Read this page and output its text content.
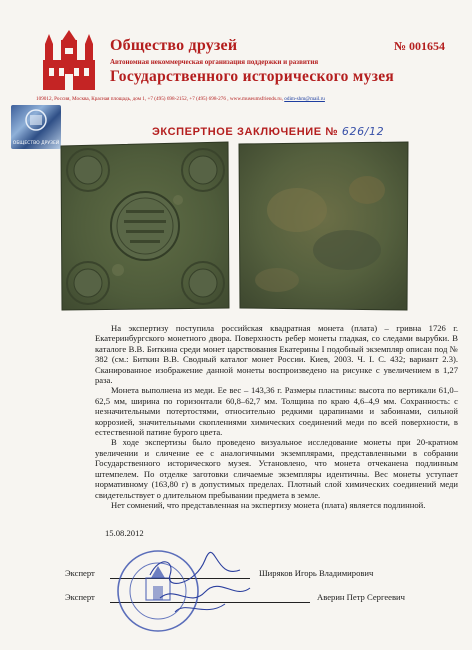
Общество друзей
Автономная некоммерческая организация поддержки и развития
Государственного исторического музея
№ 001654
109012, Россия, Москва, Красная площадь, дом 1, +7 (495) 698-2152, +7 (495) 698-276 , www.museumsfriends.ru, odim-shm@mail.ru
ОБЩЕСТВО ДРУЗЕЙ
ЭКСПЕРТНОЕ ЗАКЛЮЧЕНИЕ № 626/12

На экспертизу поступила российская квадратная монета (плата) – гривна 1726 г. Екатеринбургского монетного двора. Поверхность ребер монеты гладкая, со следами вырубки. В каталоге В.В. Биткина среди монет царствования Екатерины I подобный экземпляр описан под № 382 (см.: Биткин В.В. Сводный каталог монет России. Киев, 2003. Ч. I. С. 432; вариант 2.3). Сканированное изображение данной монеты воспроизведено на рисунке с увеличением в 1,27 раза.

Монета выполнена из меди. Ее вес – 143,36 г. Размеры пластины: высота по вертикали 61,0–62,5 мм, ширина по горизонтали 60,8–62,7 мм. Толщина по краю 4,6–4,9 мм. Сохранность: с незначительными потертостями, относительно редкими царапинами и забоинами, сильной коррозией, значительными скоплениями химических соединений меди по всей поверхности, в естественной патине бурого цвета.

В ходе экспертизы было проведено визуальное исследование монеты при 20-кратном увеличении и сличение ее с аналогичными экземплярами, представленными в собрании Государственного исторического музея. Установлено, что монета отчеканена подлинным штемпелем. По отделке заготовки сличаемые экземпляры идентичны. Вес монеты уступает нормативному (163,80 г) в допустимых пределах. Плотный слой химических соединений меди свидетельствует о длительном пребывании предмета в земле.

Нет сомнений, что представленная на экспертизу монета (плата) является подлинной.

15.08.2012
Эксперт	Ширяков Игорь Владимирович
Эксперт	Аверин Петр Сергеевич
